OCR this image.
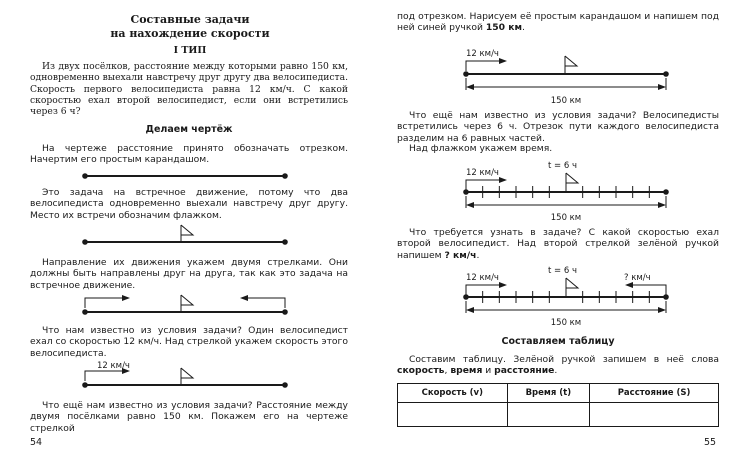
Составные задачи
на нахождение скорости
I ТИП
Из двух посёлков, расстояние между которыми равно 150 км, одновременно выехали навстречу друг другу два велосипедиста. Скорость первого велосипедиста равна 12 км/ч. С какой скоростью ехал второй велосипедист, если они встретились через 6 ч?
Делаем чертёж
На чертеже расстояние принято обозначать отрезком. Начертим его простым карандашом.
Это задача на встречное движение, потому что два велосипедиста одновременно выехали навстречу друг другу. Место их встречи обозначим флажком.
Направление их движения укажем двумя стрелками. Они должны быть направлены друг на друга, так как это задача на встречное движение.
Что нам известно из условия задачи? Один велосипедист ехал со скоростью 12 км/ч. Над стрелкой укажем скорость этого велосипедиста.
12 км/ч
Что ещё нам известно из условия задачи? Расстояние между двумя посёлками равно 150 км. Покажем его на чертеже стрелкой
54
под отрезком. Нарисуем её простым карандашом и напишем под ней синей ручкой 150 км.
12 км/ч
150 км
Что ещё нам известно из условия задачи? Велосипедисты встретились через 6 ч. Отрезок пути каждого велосипедиста разделим на 6 равных частей.
Над флажком укажем время.
t = 6 ч
12 км/ч
150 км
Что требуется узнать в задаче? С какой скоростью ехал второй велосипедист. Над второй стрелкой зелёной ручкой напишем ? км/ч.
t = 6 ч
12 км/ч	? км/ч
150 км
Составляем таблицу
Составим таблицу. Зелёной ручкой запишем в неё слова скорость, время и расстояние.
Скорость (v)	Время (t)	Расстояние (S)

55
